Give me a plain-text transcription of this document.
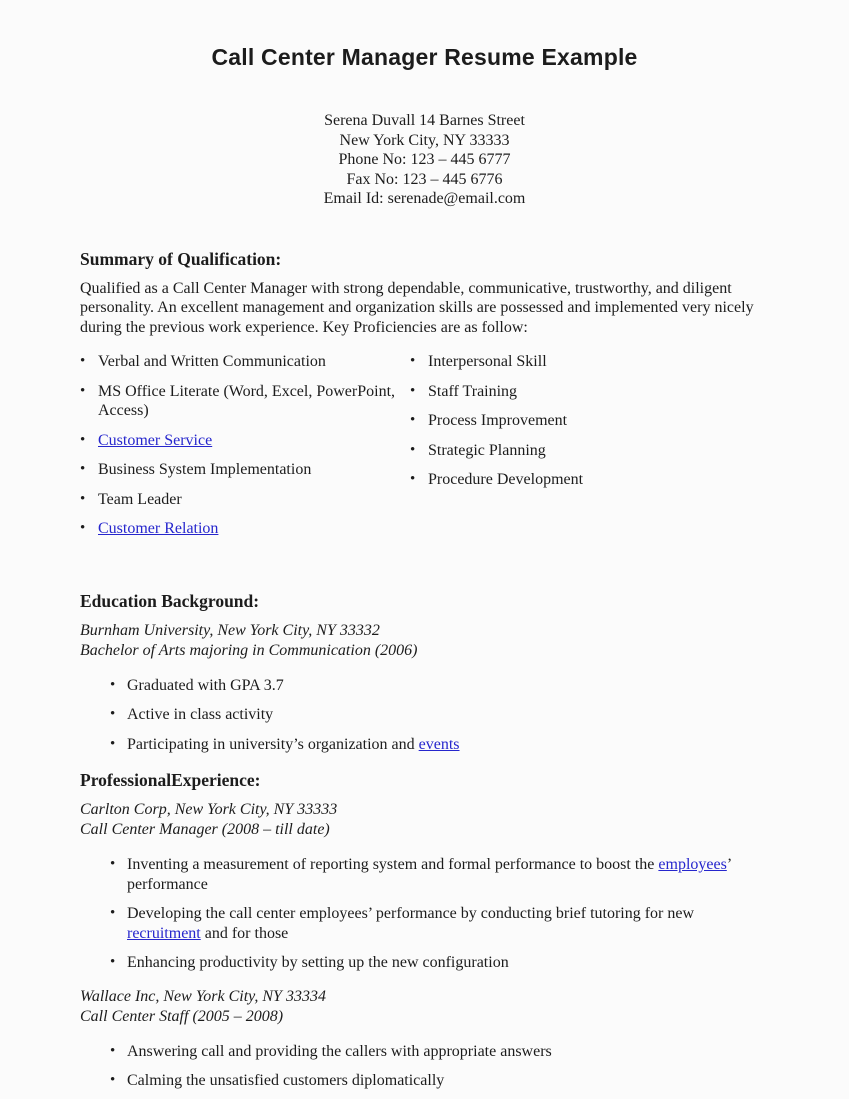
Call Center Manager Resume Example
Serena Duvall 14 Barnes Street
New York City, NY 33333
Phone No: 123 – 445 6777
Fax No: 123 – 445 6776
Email Id: serenade@email.com
Summary of Qualification:

Qualified as a Call Center Manager with strong dependable, communicative, trustworthy, and diligent personality. An excellent management and organization skills are possessed and implemented very nicely during the previous work experience. Key Proficiencies are as follow:

• Verbal and Written Communication
• MS Office Literate (Word, Excel, PowerPoint, Access)
• Customer Service
• Business System Implementation
• Team Leader
• Customer Relation
• Interpersonal Skill
• Staff Training
• Process Improvement
• Strategic Planning
• Procedure Development
Education Background:
Burnham University, New York City, NY 33332
Bachelor of Arts majoring in Communication (2006)
• Graduated with GPA 3.7
• Active in class activity
• Participating in university’s organization and events
ProfessionalExperience:
Carlton Corp, New York City, NY 33333
Call Center Manager (2008 – till date)
• Inventing a measurement of reporting system and formal performance to boost the employees’ performance
• Developing the call center employees’ performance by conducting brief tutoring for new recruitment and for those
• Enhancing productivity by setting up the new configuration
Wallace Inc, New York City, NY 33334
Call Center Staff (2005 – 2008)
• Answering call and providing the callers with appropriate answers
• Calming the unsatisfied customers diplomatically
